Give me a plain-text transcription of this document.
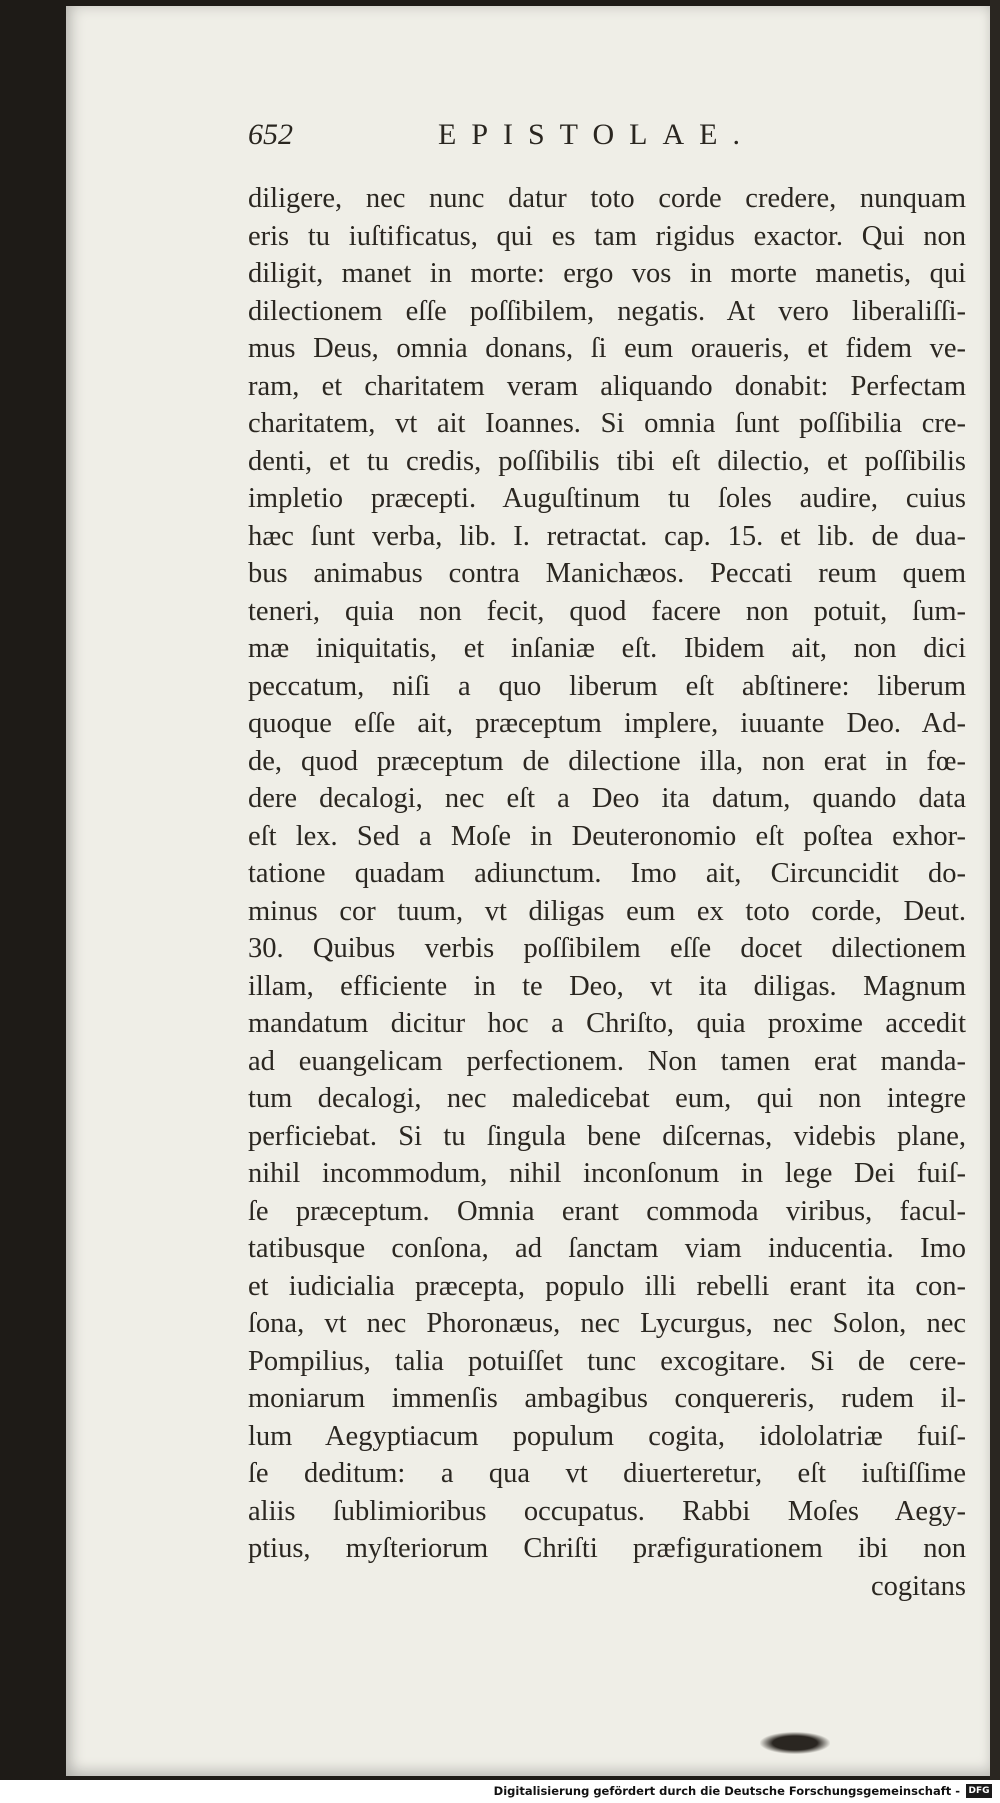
652	EPISTOLAE.
diligere, nec nunc datur toto corde credere, nunquam
eris tu iuſtificatus, qui es tam rigidus exactor. Qui non
diligit, manet in morte: ergo vos in morte manetis, qui
dilectionem eſſe poſſibilem, negatis. At vero liberaliſſi-
mus Deus, omnia donans, ſi eum oraueris, et fidem ve-
ram, et charitatem veram aliquando donabit: Perfectam
charitatem, vt ait Ioannes. Si omnia ſunt poſſibilia cre-
denti, et tu credis, poſſibilis tibi eſt dilectio, et poſſibilis
impletio præcepti. Auguſtinum tu ſoles audire, cuius
hæc ſunt verba, lib. I. retractat. cap. 15. et lib. de dua-
bus animabus contra Manichæos. Peccati reum quem
teneri, quia non fecit, quod facere non potuit, ſum-
mæ iniquitatis, et inſaniæ eſt. Ibidem ait, non dici
peccatum, niſi a quo liberum eſt abſtinere: liberum
quoque eſſe ait, præceptum implere, iuuante Deo. Ad-
de, quod præceptum de dilectione illa, non erat in fœ-
dere decalogi, nec eſt a Deo ita datum, quando data
eſt lex. Sed a Moſe in Deuteronomio eſt poſtea exhor-
tatione quadam adiunctum. Imo ait, Circuncidit do-
minus cor tuum, vt diligas eum ex toto corde, Deut.
30. Quibus verbis poſſibilem eſſe docet dilectionem
illam, efficiente in te Deo, vt ita diligas. Magnum
mandatum dicitur hoc a Chriſto, quia proxime accedit
ad euangelicam perfectionem. Non tamen erat manda-
tum decalogi, nec maledicebat eum, qui non integre
perficiebat. Si tu ſingula bene diſcernas, videbis plane,
nihil incommodum, nihil inconſonum in lege Dei fuiſ-
ſe præceptum. Omnia erant commoda viribus, facul-
tatibusque conſona, ad ſanctam viam inducentia. Imo
et iudicialia præcepta, populo illi rebelli erant ita con-
ſona, vt nec Phoronæus, nec Lycurgus, nec Solon, nec
Pompilius, talia potuiſſet tunc excogitare. Si de cere-
moniarum immenſis ambagibus conquereris, rudem il-
lum Aegyptiacum populum cogita, idololatriæ fuiſ-
ſe deditum: a qua vt diuerteretur, eſt iuſtiſſime
aliis ſublimioribus occupatus. Rabbi Moſes Aegy-
ptius, myſteriorum Chriſti præfigurationem ibi non
cogitans
Digitalisierung gefördert durch die Deutsche Forschungsgemeinschaft - DFG
